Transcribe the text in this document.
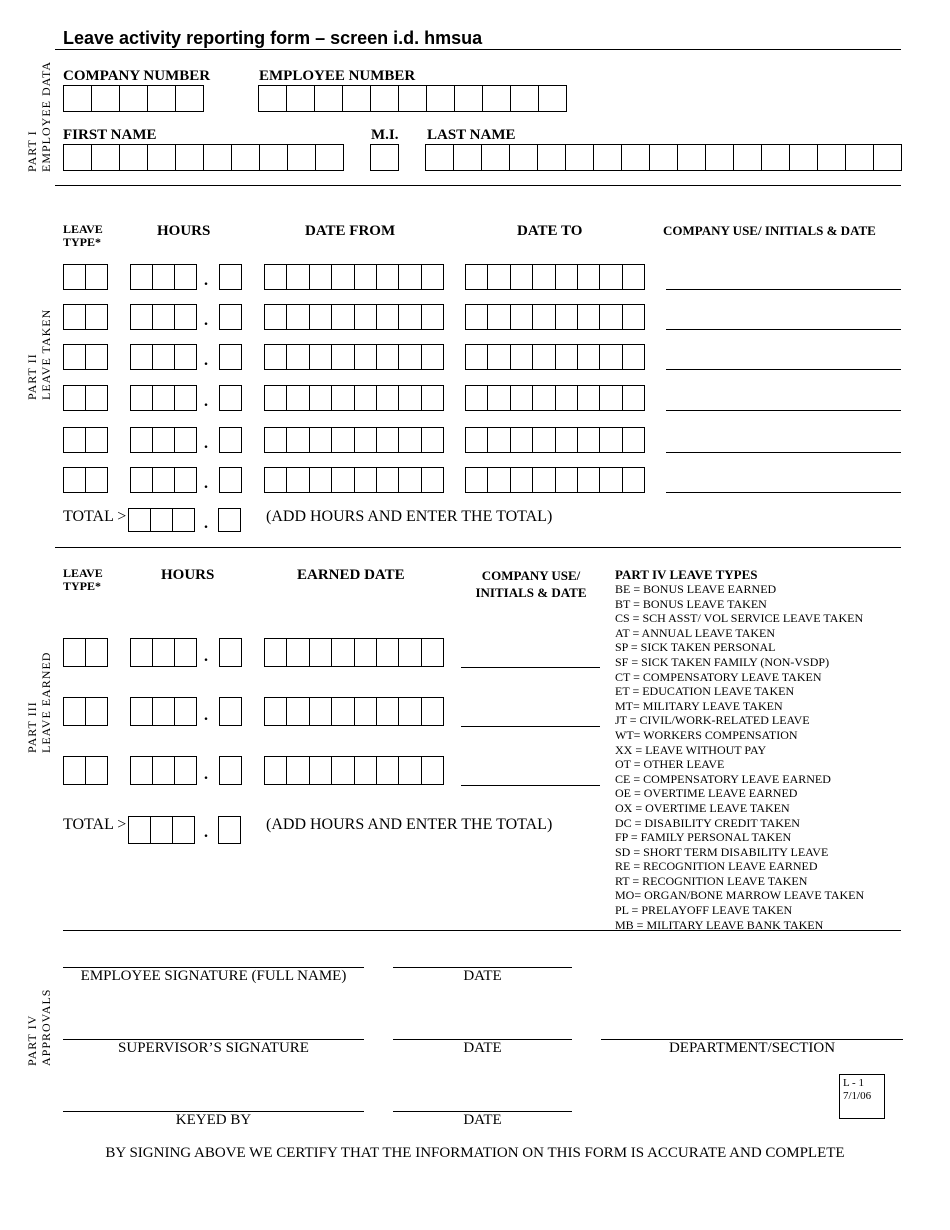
Leave activity reporting form – screen i.d. hmsua
PART I EMPLOYEE DATA COMPANY NUMBER	EMPLOYEE NUMBER
FIRST NAME	M.I. LAST NAME
PART II LEAVE TAKEN
LEAVE
TYPE*
HOURS	DATE FROM	DATE TO	COMPANY USE/ INITIALS & DATE
.
.
.
.
.
.
TOTAL >	.	(ADD HOURS AND ENTER THE TOTAL)
PART III LEAVE EARNED
LEAVE
TYPE*
HOURS	EARNED DATE	COMPANY USE/
INITIALS & DATE
.
.
.
TOTAL >	.	(ADD HOURS AND ENTER THE TOTAL)
PART IV LEAVE TYPES
BE = BONUS LEAVE EARNED
BT = BONUS LEAVE TAKEN
CS = SCH ASST/ VOL SERVICE LEAVE TAKEN
AT = ANNUAL LEAVE TAKEN
SP = SICK TAKEN PERSONAL
SF = SICK TAKEN FAMILY (NON-VSDP)
CT = COMPENSATORY LEAVE TAKEN
ET = EDUCATION LEAVE TAKEN
MT= MILITARY LEAVE TAKEN
JT = CIVIL/WORK-RELATED LEAVE
WT= WORKERS COMPENSATION
XX = LEAVE WITHOUT PAY
OT = OTHER LEAVE
CE = COMPENSATORY LEAVE EARNED
OE = OVERTIME LEAVE EARNED
OX = OVERTIME LEAVE TAKEN
DC = DISABILITY CREDIT TAKEN
FP = FAMILY PERSONAL TAKEN
SD = SHORT TERM DISABILITY LEAVE
RE = RECOGNITION LEAVE EARNED
RT = RECOGNITION LEAVE TAKEN
MO= ORGAN/BONE MARROW LEAVE TAKEN
PL = PRELAYOFF LEAVE TAKEN
MB = MILITARY LEAVE BANK TAKEN
PART IV APPROVALS
EMPLOYEE SIGNATURE (FULL NAME)	DATE
SUPERVISOR’S SIGNATURE	DATE	DEPARTMENT/SECTION
L - 1
7/1/06
KEYED BY	DATE
BY SIGNING ABOVE WE CERTIFY THAT THE INFORMATION ON THIS FORM IS ACCURATE AND COMPLETE
